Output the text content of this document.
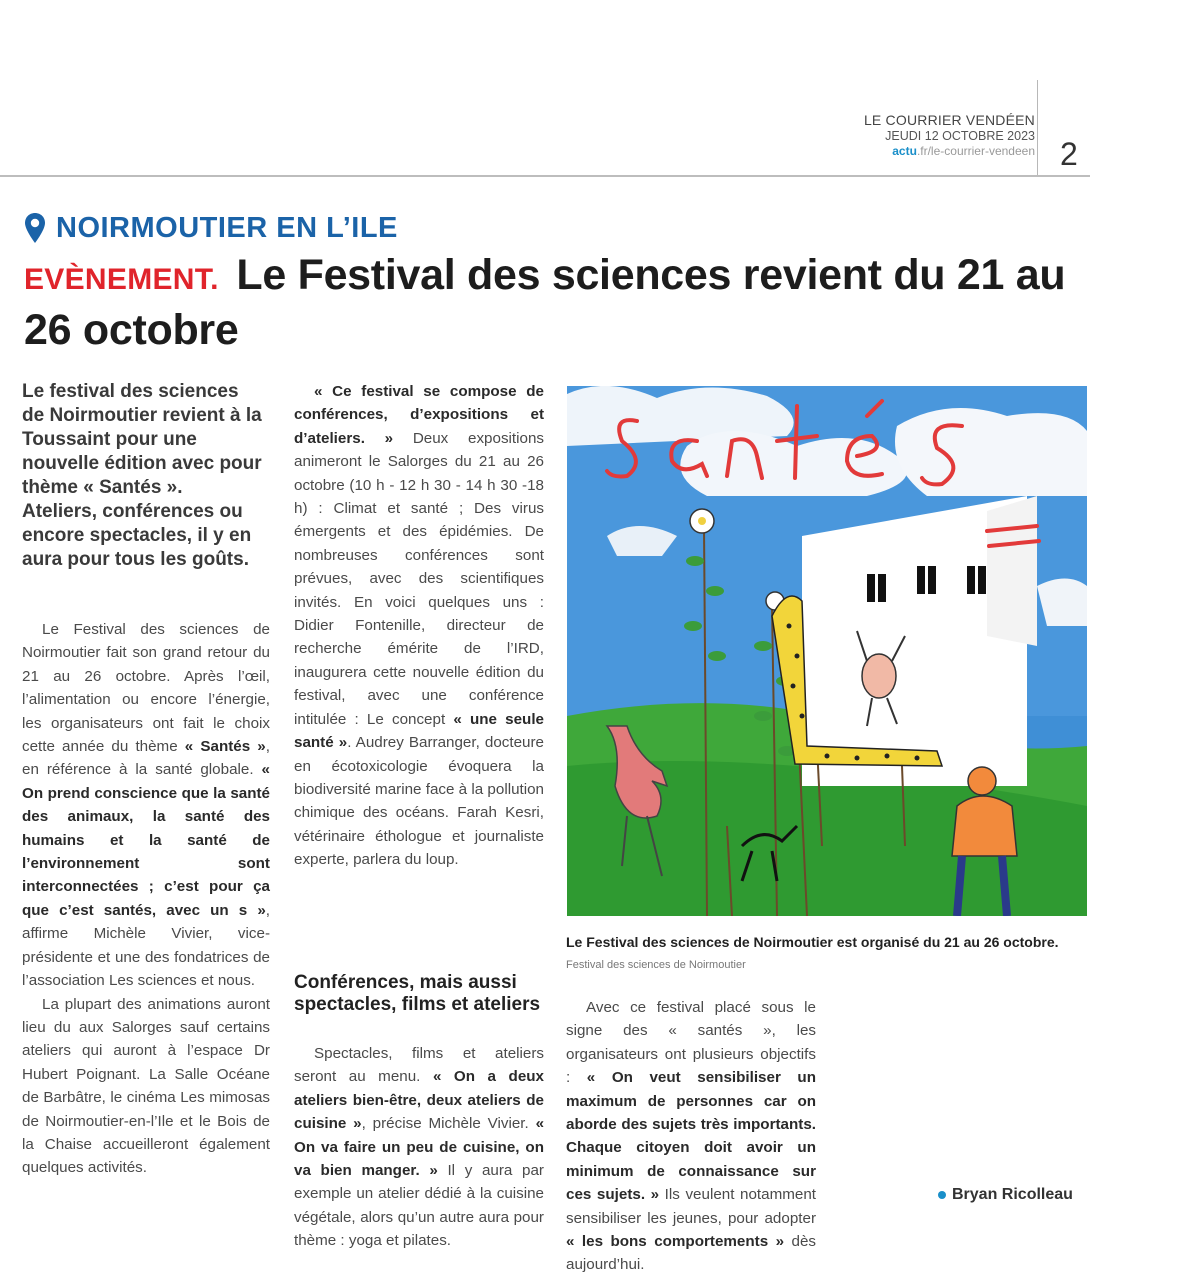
LE COURRIER VENDÉEN
JEUDI 12 OCTOBRE 2023
actu.fr/le-courrier-vendeen 2
NOIRMOUTIER EN L’ILE
EVÈNEMENT. Le Festival des sciences revient du 21 au 26 octobre
Le festival des sciences de Noirmoutier revient à la Toussaint pour une nouvelle édition avec pour thème « Santés ». Ateliers, conférences ou encore spectacles, il y en aura pour tous les goûts.

Le Festival des sciences de Noirmoutier fait son grand retour du 21 au 26 octobre. Après l’œil, l’alimentation ou encore l’énergie, les organisateurs ont fait le choix cette année du thème « Santés », en référence à la santé globale. « On prend conscience que la santé des animaux, la santé des humains et la santé de l’environnement sont interconnectées ; c’est pour ça que c’est santés, avec un s », affirme Michèle Vivier, vice-présidente et une des fondatrices de l’association Les sciences et nous.

La plupart des animations auront lieu du aux Salorges sauf certains ateliers qui auront à l’espace Dr Hubert Poignant. La Salle Océane de Barbâtre, le cinéma Les mimosas de Noirmoutier-en-l’Ile et le Bois de la Chaise accueilleront également quelques activités.

« Ce festival se compose de conférences, d’expositions et d’ateliers. » Deux expositions animeront le Salorges du 21 au 26 octobre (10 h - 12 h 30 - 14 h 30 -18 h) : Climat et santé ; Des virus émergents et des épidémies. De nombreuses conférences sont prévues, avec des scientifiques invités. En voici quelques uns : Didier Fontenille, directeur de recherche émérite de l’IRD, inaugurera cette nouvelle édition du festival, avec une conférence intitulée : Le concept « une seule santé ». Audrey Barranger, docteure en écotoxicologie évoquera la biodiversité marine face à la pollution chimique des océans. Farah Kesri, vétérinaire éthologue et journaliste experte, parlera du loup.

Conférences, mais aussi spectacles, films et ateliers

Spectacles, films et ateliers seront au menu. « On a deux ateliers bien-être, deux ateliers de cuisine », précise Michèle Vivier. « On va faire un peu de cuisine, on va bien manger. » Il y aura par exemple un atelier dédié à la cuisine végétale, alors qu’un autre aura pour thème : yoga et pilates.

Le Festival des sciences de Noirmoutier est organisé du 21 au 26 octobre. Festival des sciences de Noirmoutier

Avec ce festival placé sous le signe des « santés », les organisateurs ont plusieurs objectifs : « On veut sensibiliser un maximum de personnes car on aborde des sujets très importants. Chaque citoyen doit avoir un minimum de connaissance sur ces sujets. » Ils veulent notamment sensibiliser les jeunes, pour adopter « les bons comportements » dès aujourd’hui.

Bryan Ricolleau
